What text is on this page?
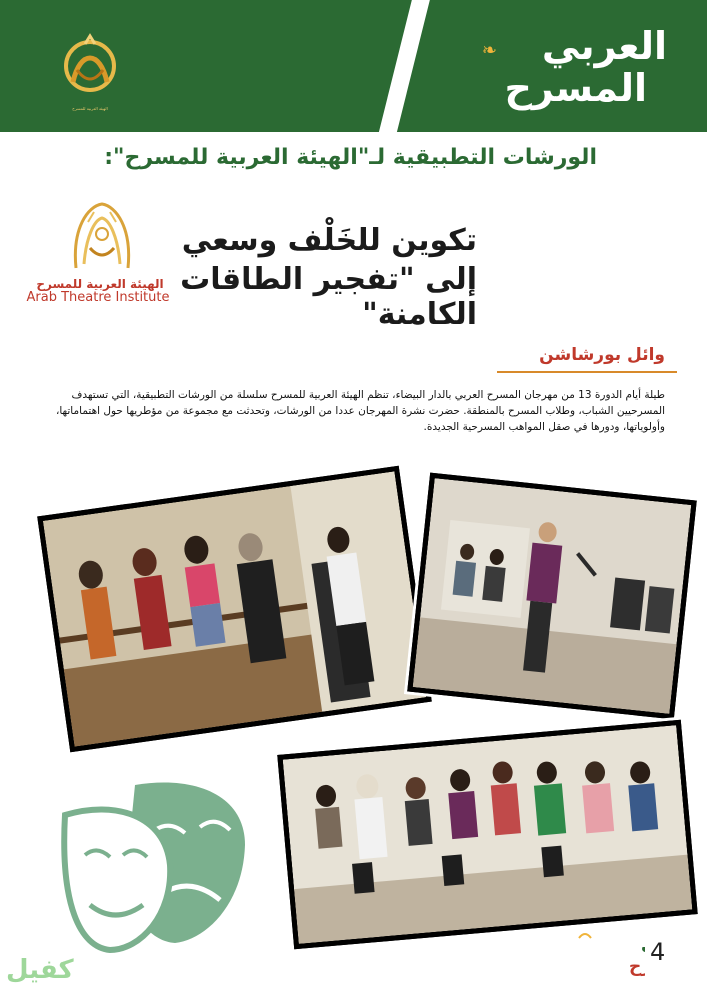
الهيئة العربية للمسرح
العربي
المسرح
❧
الورشات التطبيقية لـ"الهيئة العربية للمسرح":
تكوين للخَلْف وسعي
إلى "تفجير الطاقات الكامنة"
الهيئة العربية للمسرح
Arab Theatre Institute
وائل بورشاشن
طيلة أيام الدورة 13 من مهرجان المسرح العربي بالدار البيضاء، تنظم الهيئة العربية للمسرح سلسلة من الورشات التطبيقية، التي تستهدف المسرحيين الشباب، وطلاب المسرح بالمنطقة. حضرت نشرة المهرجان عددا من الورشات، وتحدثت مع مجموعة من مؤطريها حول اهتماماتها، وأولوياتها، ودورها في صقل المواهب المسرحية الجديدة.
ح
4
كفيل
